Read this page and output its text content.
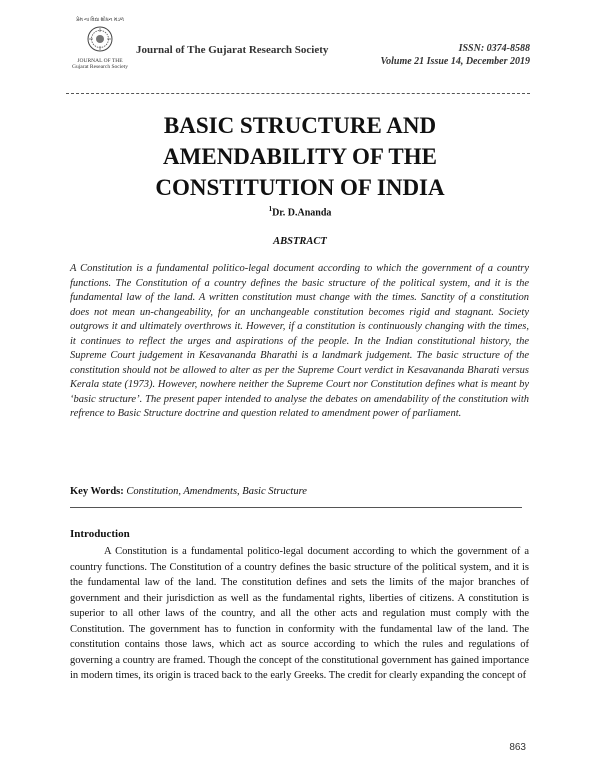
પ્રેમ ના વિદ્યા શોધન મંડળ
JOURNAL OF THE
Gujarat Research Society
Journal of The Gujarat Research Society	ISSN: 0374-8588
Volume 21 Issue 14, December 2019
BASIC STRUCTURE AND
AMENDABILITY OF THE
CONSTITUTION OF INDIA
$^1$Dr. D.Ananda
ABSTRACT

A Constitution is a fundamental politico-legal document according to which the government of a country functions. The Constitution of a country defines the basic structure of the political system, and it is the fundamental law of the land. A written constitution must change with the times. Sanctity of a constitution does not mean un-changeability, for an unchangeable constitution becomes rigid and stagnant. Society outgrows it and ultimately overthrows it. However, if a constitution is continuously changing with the times, it continues to reflect the urges and aspirations of the people. In the Indian constitutional history, the Supreme Court judgement in Kesavananda Bharathi is a landmark judgement. The basic structure of the constitution should not be allowed to alter as per the Supreme Court verdict in Kesavananda Bharati versus Kerala state (1973). However, nowhere neither the Supreme Court nor Constitution defines what is meant by ‘basic structure’. The present paper intended to analyse the debates on amendability of the constitution with refrence to Basic Structure doctrine and question related to amendment power of parliament.

Key Words: Constitution, Amendments, Basic Structure
Introduction

A Constitution is a fundamental politico-legal document according to which the government of a country functions. The Constitution of a country defines the basic structure of the political system, and it is the fundamental law of the land. The constitution defines and sets the limits of the major branches of government and their jurisdiction as well as the fundamental rights, liberties of citizens. A constitution is superior to all other laws of the country, and all the other acts and regulation must comply with the Constitution. The government has to function in conformity with the fundamental law of the land. The constitution contains those laws, which act as source according to which the rules and regulations of governing a country are framed. Though the concept of the constitutional government has gained importance in modern times, its origin is traced back to the early Greeks. The credit for clearly expanding the concept of

863
